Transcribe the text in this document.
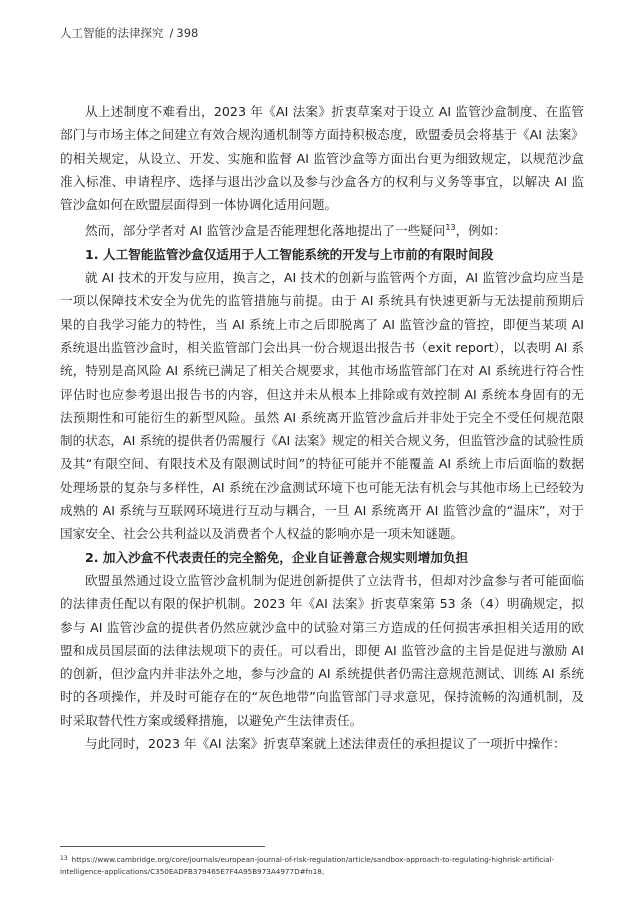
人工智能的法律探究 / 398

从上述制度不难看出，2023 年《AI 法案》折衷草案对于设立 AI 监管沙盒制度、在监管部门与市场主体之间建立有效合规沟通机制等方面持积极态度，欧盟委员会将基于《AI 法案》的相关规定，从设立、开发、实施和监督 AI 监管沙盒等方面出台更为细致规定，以规范沙盒准入标准、申请程序、选择与退出沙盒以及参与沙盒各方的权利与义务等事宜，以解决 AI 监管沙盒如何在欧盟层面得到一体协调化适用问题。

然而，部分学者对 AI 监管沙盒是否能理想化落地提出了一些疑问$^{13}$，例如：

1. 人工智能监管沙盒仅适用于人工智能系统的开发与上市前的有限时间段

就 AI 技术的开发与应用，换言之，AI 技术的创新与监管两个方面，AI 监管沙盒均应当是一项以保障技术安全为优先的监管措施与前提。由于 AI 系统具有快速更新与无法提前预期后果的自我学习能力的特性，当 AI 系统上市之后即脱离了 AI 监管沙盒的管控，即便当某项 AI 系统退出监管沙盒时，相关监管部门会出具一份合规退出报告书（exit report），以表明 AI 系统，特别是高风险 AI 系统已满足了相关合规要求，其他市场监管部门在对 AI 系统进行符合性评估时也应参考退出报告书的内容，但这并未从根本上排除或有效控制 AI 系统本身固有的无法预期性和可能衍生的新型风险。虽然 AI 系统离开监管沙盒后并非处于完全不受任何规范限制的状态，AI 系统的提供者仍需履行《AI 法案》规定的相关合规义务，但监管沙盒的试验性质及其“有限空间、有限技术及有限测试时间”的特征可能并不能覆盖 AI 系统上市后面临的数据处理场景的复杂与多样性，AI 系统在沙盒测试环境下也可能无法有机会与其他市场上已经较为成熟的 AI 系统与互联网环境进行互动与耦合，一旦 AI 系统离开 AI 监管沙盒的“温床”，对于国家安全、社会公共利益以及消费者个人权益的影响亦是一项未知谜题。

2. 加入沙盒不代表责任的完全豁免，企业自证善意合规实则增加负担

欧盟虽然通过设立监管沙盒机制为促进创新提供了立法背书，但却对沙盒参与者可能面临的法律责任配以有限的保护机制。2023 年《AI 法案》折衷草案第 53 条（4）明确规定，拟参与 AI 监管沙盒的提供者仍然应就沙盒中的试验对第三方造成的任何损害承担相关适用的欧盟和成员国层面的法律法规项下的责任。可以看出，即便 AI 监管沙盒的主旨是促进与激励 AI 的创新，但沙盒内并非法外之地，参与沙盒的 AI 系统提供者仍需注意规范测试、训练 AI 系统时的各项操作，并及时可能存在的“灰色地带”向监管部门寻求意见，保持流畅的沟通机制，及时采取替代性方案或缓释措施，以避免产生法律责任。

与此同时，2023 年《AI 法案》折衷草案就上述法律责任的承担提议了一项折中操作：

$^{13}$ https://www.cambridge.org/core/journals/european-journal-of-risk-regulation/article/sandbox-approach-to-regulating-highrisk-artificial-intelligence-applications/C350EADFB379465E7F4A95B973A4977D#fn18。
